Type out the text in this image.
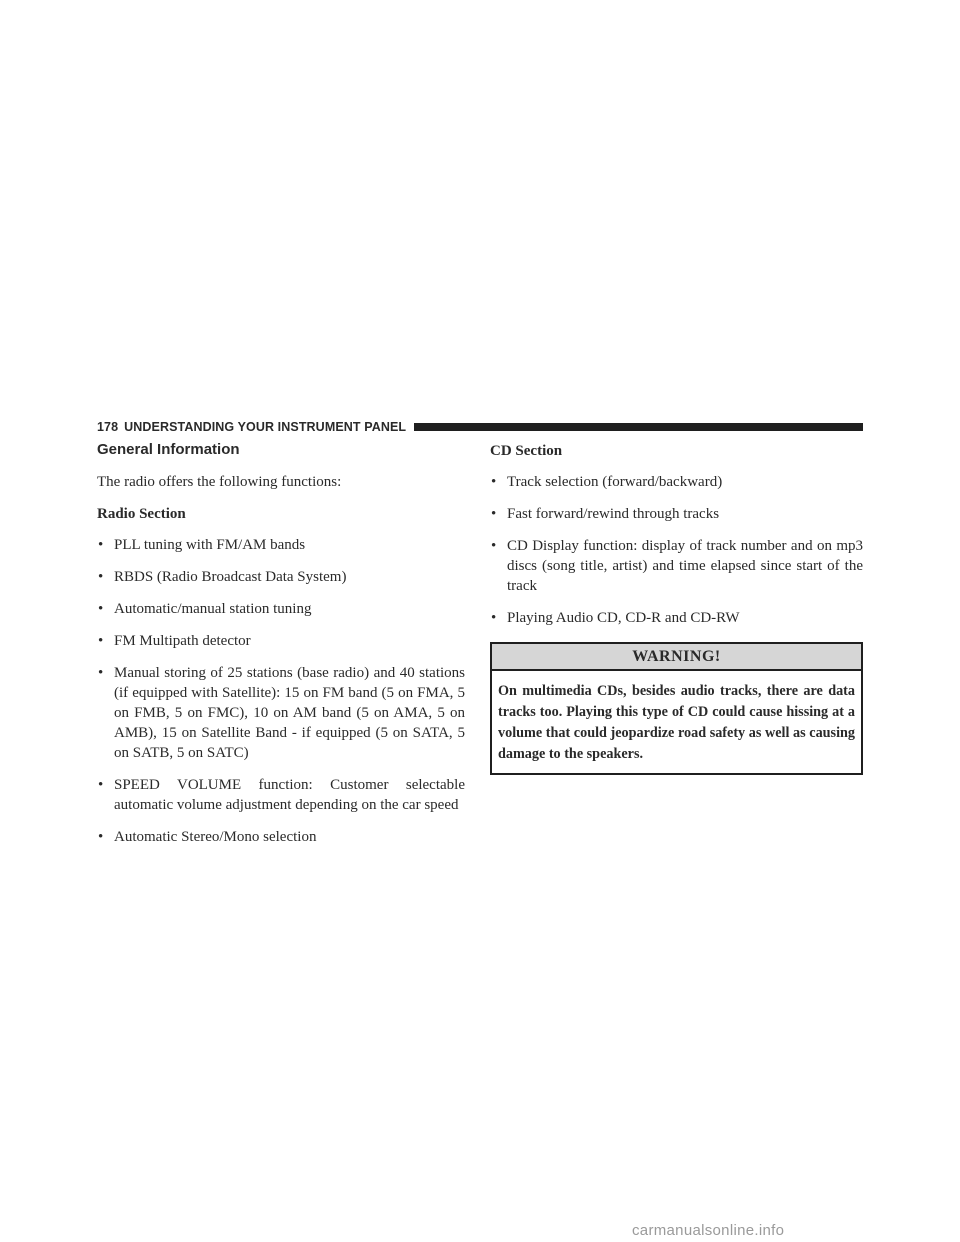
178 UNDERSTANDING YOUR INSTRUMENT PANEL
General Information

The radio offers the following functions:

Radio Section

• PLL tuning with FM/AM bands
• RBDS (Radio Broadcast Data System)
• Automatic/manual station tuning
• FM Multipath detector
• Manual storing of 25 stations (base radio) and 40 stations (if equipped with Satellite): 15 on FM band (5 on FMA, 5 on FMB, 5 on FMC), 10 on AM band (5 on AMA, 5 on AMB), 15 on Satellite Band - if equipped (5 on SATA, 5 on SATB, 5 on SATC)
• SPEED VOLUME function: Customer selectable automatic volume adjustment depending on the car speed
• Automatic Stereo/Mono selection

CD Section

• Track selection (forward/backward)
• Fast forward/rewind through tracks
• CD Display function: display of track number and on mp3 discs (song title, artist) and time elapsed since start of the track
• Playing Audio CD, CD-R and CD-RW
WARNING!
On multimedia CDs, besides audio tracks, there are data tracks too. Playing this type of CD could cause hissing at a volume that could jeopardize road safety as well as causing damage to the speakers.
carmanualsonline.info
